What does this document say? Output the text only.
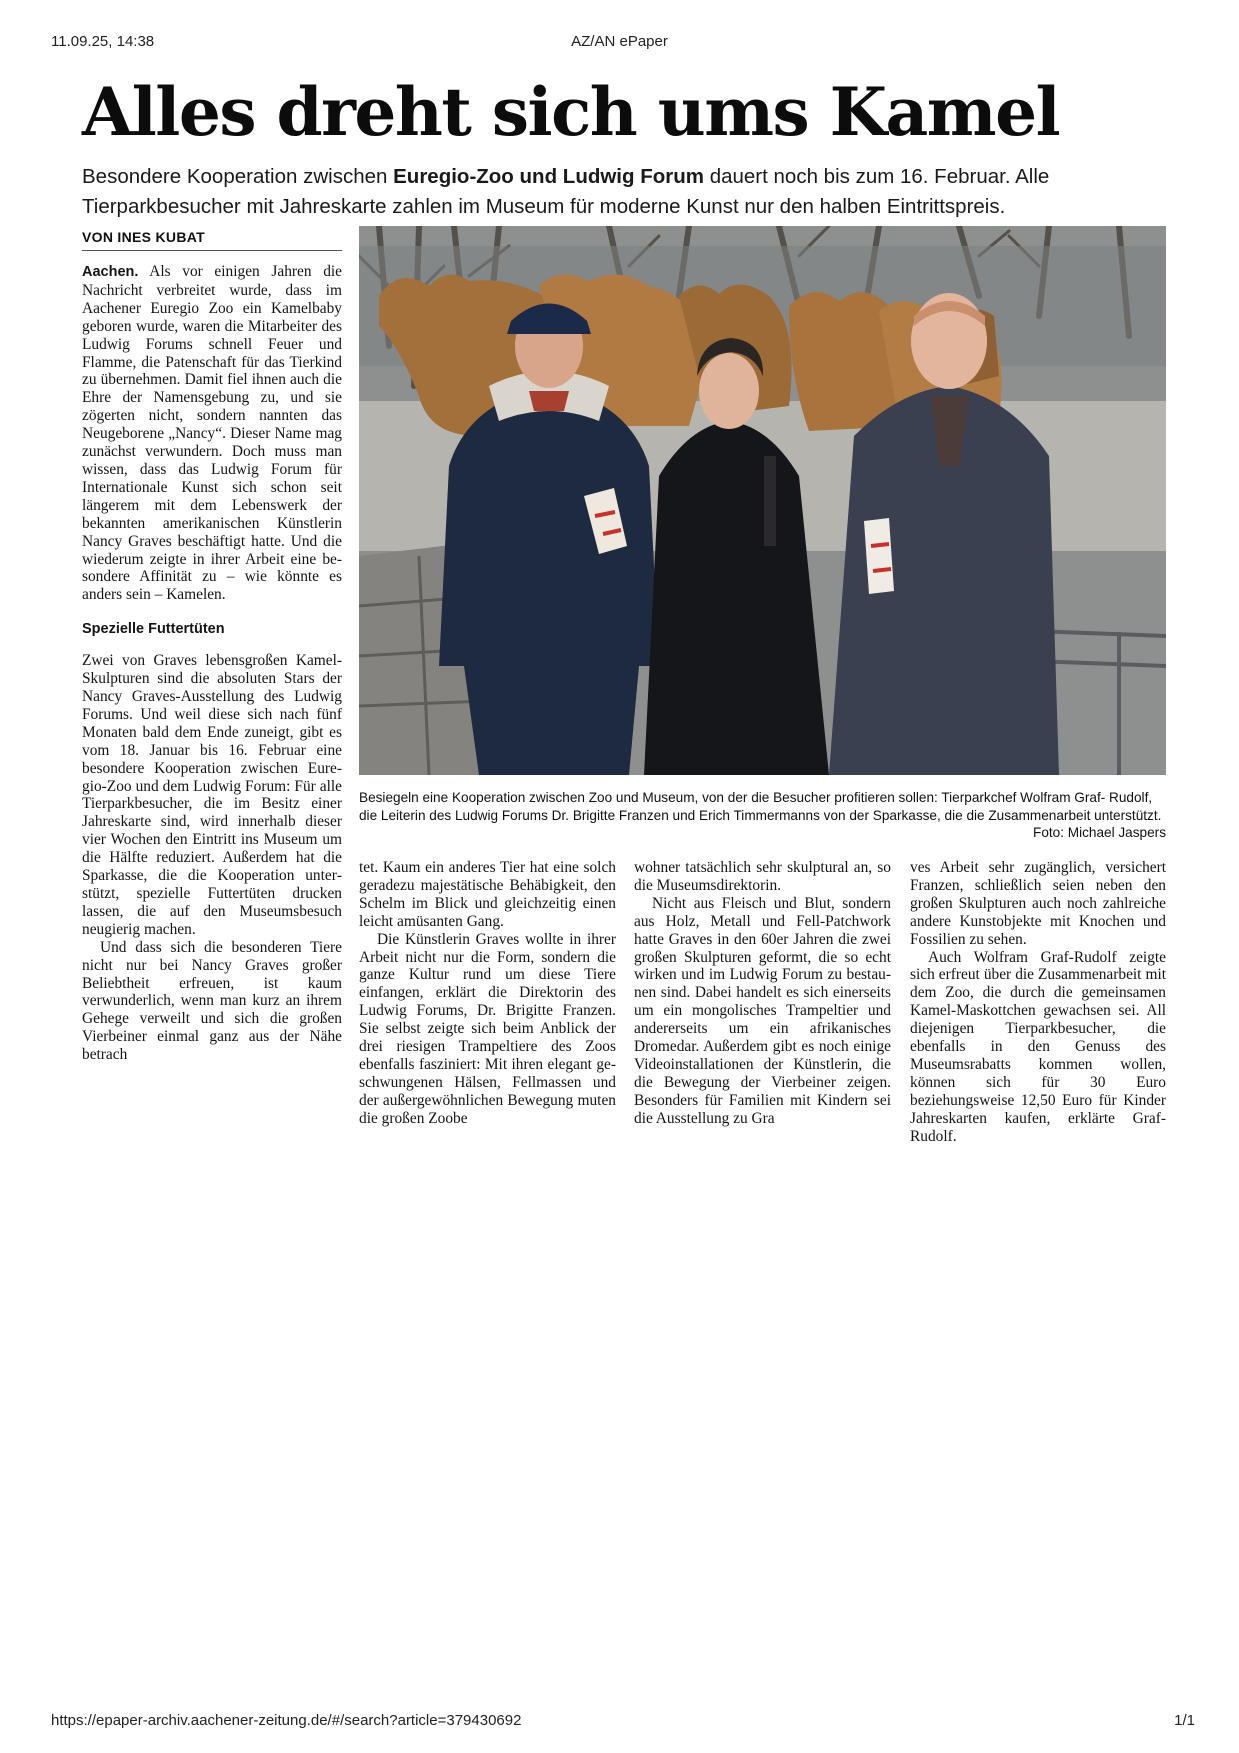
11.09.25, 14:38	AZ/AN ePaper
Alles dreht sich ums Kamel

Besondere Kooperation zwischen Euregio-Zoo und Ludwig Forum dauert noch bis zum 16. Februar. Alle Tierparkbesucher mit Jahreskarte zahlen im Museum für moderne Kunst nur den halben Eintrittspreis.

VON INES KUBAT

Aachen. Als vor einigen Jahren die Nachricht verbreitet wurde, dass im Aachener Euregio Zoo ein Kamelbaby geboren wurde, waren die Mitarbeiter des Ludwig Forums schnell Feuer und Flamme, die Patenschaft für das Tierkind zu übernehmen. Damit fiel ihnen auch die Ehre der Namensgebung zu, und sie zögerten nicht, sondern nannten das Neugeborene „Nancy“. Dieser Name mag zunächst verwundern. Doch muss man wissen, dass das Ludwig Forum für Internationale Kunst sich schon seit längerem mit dem Lebenswerk der bekannten amerikanischen Künstlerin Nancy Graves beschäftigt hatte. Und die wiederum zeigte in ihrer Arbeit eine besondere Affinität zu – wie könnte es anders sein – Kamelen.

Spezielle Futtertüten

Zwei von Graves lebensgroßen Kamel-Skulpturen sind die absoluten Stars der Nancy Graves-Ausstellung des Ludwig Forums. Und weil diese sich nach fünf Monaten bald dem Ende zuneigt, gibt es vom 18. Januar bis 16. Februar eine besondere Kooperation zwischen Euregio-Zoo und dem Ludwig Forum: Für alle Tierparkbesucher, die im Besitz einer Jahreskarte sind, wird innerhalb dieser vier Wochen den Eintritt ins Museum um die Hälfte reduziert. Außerdem hat die Sparkasse, die die Kooperation unterstützt, spezielle Futtertüten drucken lassen, die auf den Museumsbesuch neugierig machen.

Und dass sich die besonderen Tiere nicht nur bei Nancy Graves großer Beliebtheit erfreuen, ist kaum verwunderlich, wenn man kurz an ihrem Gehege verweilt und sich die großen Vierbeiner einmal ganz aus der Nähe betrach

Besiegeln eine Kooperation zwischen Zoo und Museum, von der die Besucher profitieren sollen: Tierparkchef Wolfram Graf- Rudolf, die Leiterin des Ludwig Forums Dr. Brigitte Franzen und Erich Timmermanns von der Sparkasse, die die Zusammenarbeit unterstützt.
Foto: Michael Jaspers

tet. Kaum ein anderes Tier hat eine solch geradezu majestätische Behäbigkeit, den Schelm im Blick und gleichzeitig einen leicht amüsanten Gang.

Die Künstlerin Graves wollte in ihrer Arbeit nicht nur die Form, sondern die ganze Kultur rund um diese Tiere einfangen, erklärt die Direktorin des Ludwig Forums, Dr. Brigitte Franzen. Sie selbst zeigte sich beim Anblick der drei riesigen Trampeltiere des Zoos ebenfalls fasziniert: Mit ihren elegant geschwungenen Hälsen, Fellmassen und der außergewöhnlichen Bewegung muten die großen Zoobe

wohner tatsächlich sehr skulptural an, so die Museumsdirektorin.

Nicht aus Fleisch und Blut, sondern aus Holz, Metall und Fell-Patchwork hatte Graves in den 60er Jahren die zwei großen Skulpturen geformt, die so echt wirken und im Ludwig Forum zu bestaunen sind. Dabei handelt es sich einerseits um ein mongolisches Trampeltier und andererseits um ein afrikanisches Dromedar. Außerdem gibt es noch einige Videoinstallationen der Künstlerin, die die Bewegung der Vierbeiner zeigen. Besonders für Familien mit Kindern sei die Ausstellung zu Gra

ves Arbeit sehr zugänglich, versichert Franzen, schließlich seien neben den großen Skulpturen auch noch zahlreiche andere Kunstobjekte mit Knochen und Fossilien zu sehen.

Auch Wolfram Graf-Rudolf zeigte sich erfreut über die Zusammenarbeit mit dem Zoo, die durch die gemeinsamen Kamel-Maskottchen gewachsen sei. All diejenigen Tierparkbesucher, die ebenfalls in den Genuss des Museumsrabatts kommen wollen, können sich für 30 Euro beziehungsweise 12,50 Euro für Kinder Jahreskarten kaufen, erklärte Graf-Rudolf.

https://epaper-archiv.aachener-zeitung.de/#/search?article=379430692	1/1
